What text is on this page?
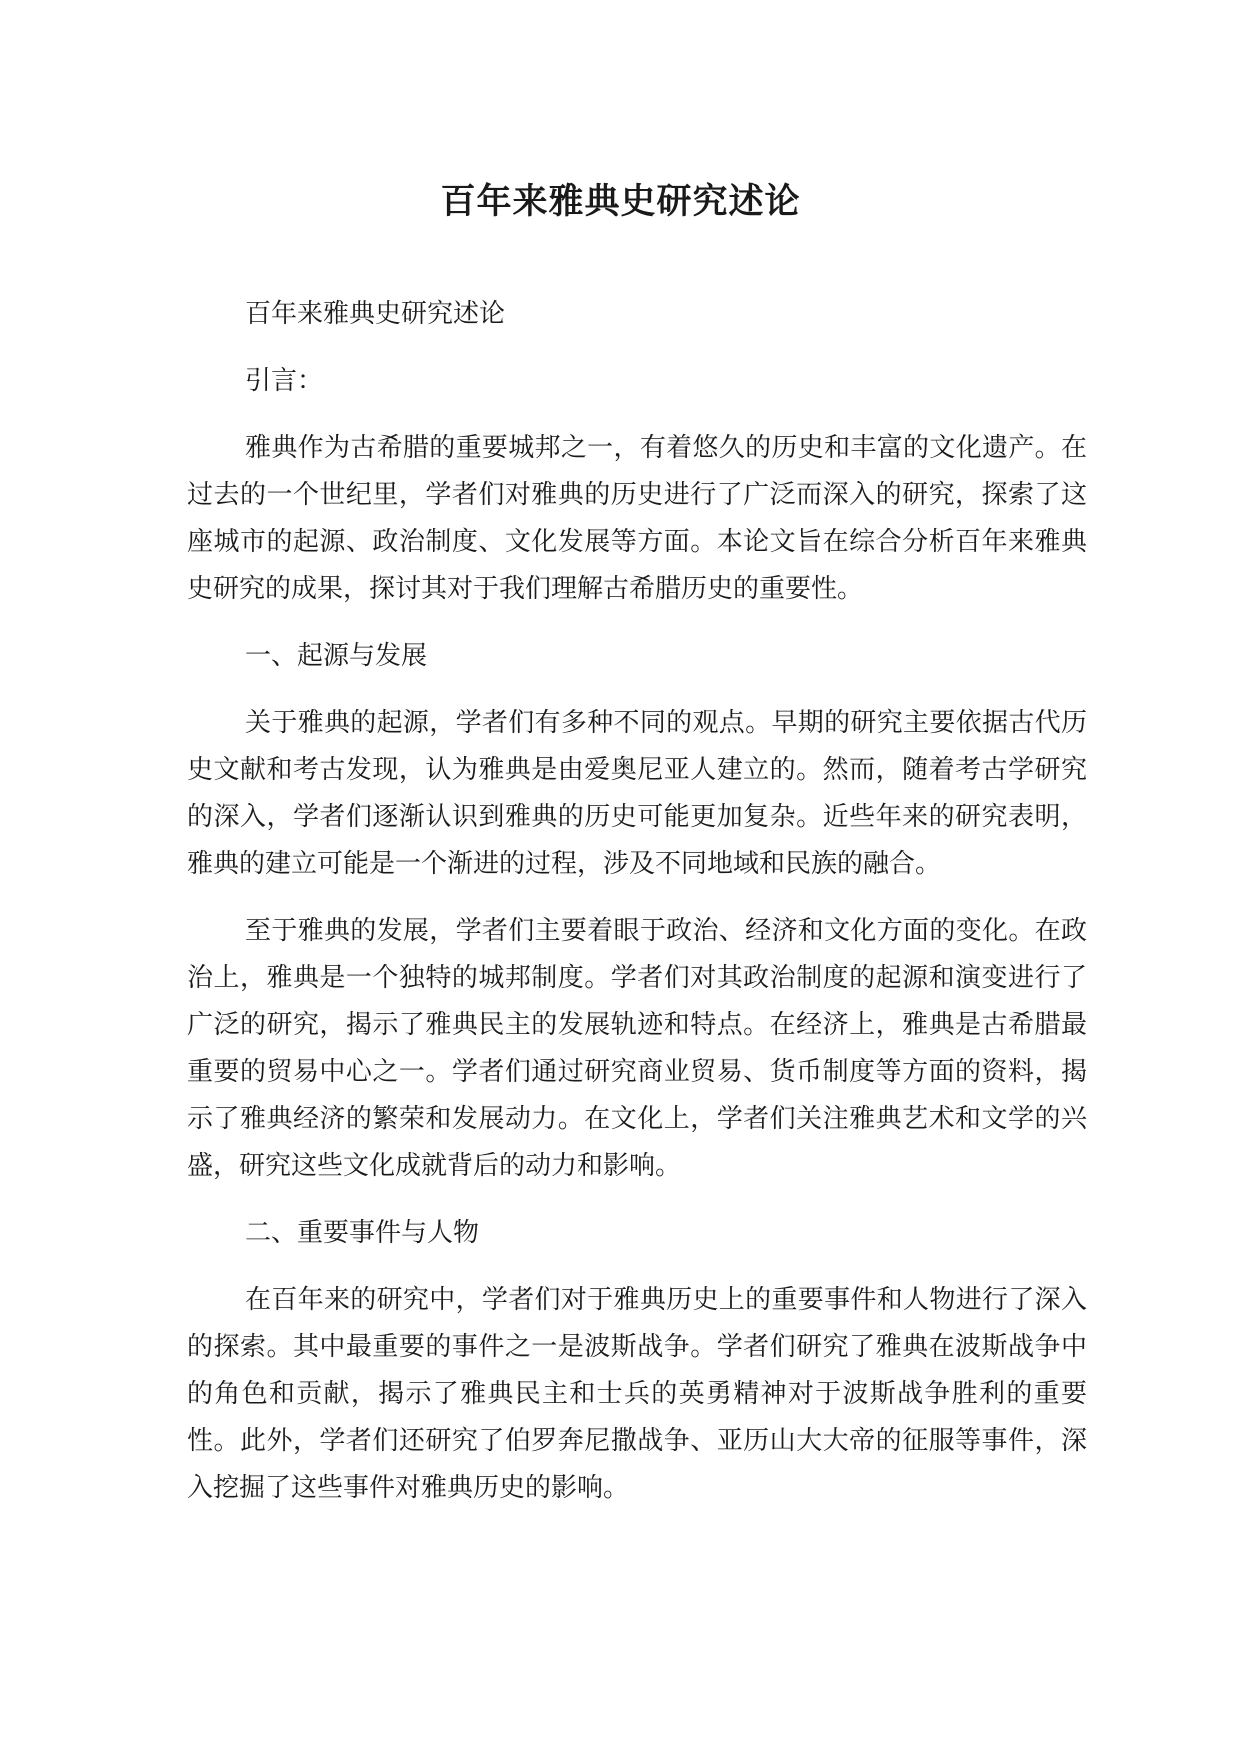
百年来雅典史研究述论

百年来雅典史研究述论

引言：

雅典作为古希腊的重要城邦之一，有着悠久的历史和丰富的文化遗产。在过去的一个世纪里，学者们对雅典的历史进行了广泛而深入的研究，探索了这座城市的起源、政治制度、文化发展等方面。本论文旨在综合分析百年来雅典史研究的成果，探讨其对于我们理解古希腊历史的重要性。

一、起源与发展

关于雅典的起源，学者们有多种不同的观点。早期的研究主要依据古代历史文献和考古发现，认为雅典是由爱奥尼亚人建立的。然而，随着考古学研究的深入，学者们逐渐认识到雅典的历史可能更加复杂。近些年来的研究表明，雅典的建立可能是一个渐进的过程，涉及不同地域和民族的融合。

至于雅典的发展，学者们主要着眼于政治、经济和文化方面的变化。在政治上，雅典是一个独特的城邦制度。学者们对其政治制度的起源和演变进行了广泛的研究，揭示了雅典民主的发展轨迹和特点。在经济上，雅典是古希腊最重要的贸易中心之一。学者们通过研究商业贸易、货币制度等方面的资料，揭示了雅典经济的繁荣和发展动力。在文化上，学者们关注雅典艺术和文学的兴盛，研究这些文化成就背后的动力和影响。

二、重要事件与人物

在百年来的研究中，学者们对于雅典历史上的重要事件和人物进行了深入的探索。其中最重要的事件之一是波斯战争。学者们研究了雅典在波斯战争中的角色和贡献，揭示了雅典民主和士兵的英勇精神对于波斯战争胜利的重要性。此外，学者们还研究了伯罗奔尼撒战争、亚历山大大帝的征服等事件，深入挖掘了这些事件对雅典历史的影响。
